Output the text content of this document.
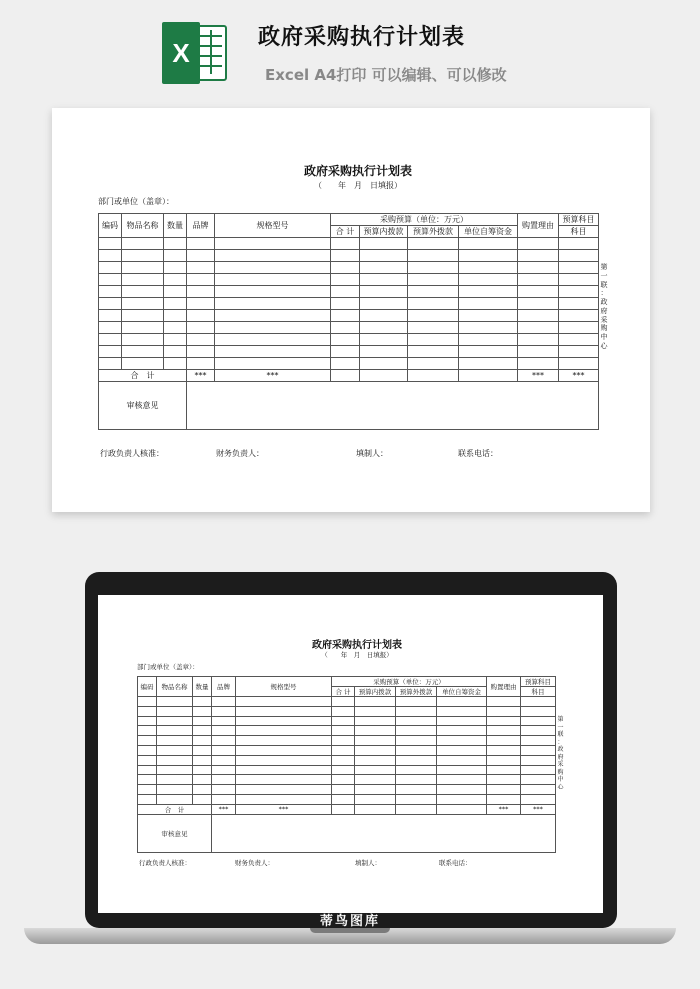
X
政府采购执行计划表
Excel A4打印 可以编辑、可以修改
政府采购执行计划表
（　　年　月　日填报）
部门或单位（盖章）：
编码	物品名称	数量	品牌	规格型号	采购预算（单位：万元）				购置理由	预算科目
					合 计	预算内拨款	预算外拨款	单位自筹资金		科目

合　计			***	***					***	***
审核意见										
第
一
联
：
政
府
采
购
中
心
行政负责人核准：	财务负责人：	填制人：	联系电话：
政府采购执行计划表
（　　年　月　日填报）
部门或单位（盖章）：
编码	物品名称	数量	品牌	规格型号	采购预算（单位：万元）				购置理由	预算科目
					合 计	预算内拨款	预算外拨款	单位自筹资金		科目

合　计			***	***					***	***
审核意见										
第
一
联
：
政
府
采
购
中
心
行政负责人核准：	财务负责人：	填制人：	联系电话：
蒂鸟图库
